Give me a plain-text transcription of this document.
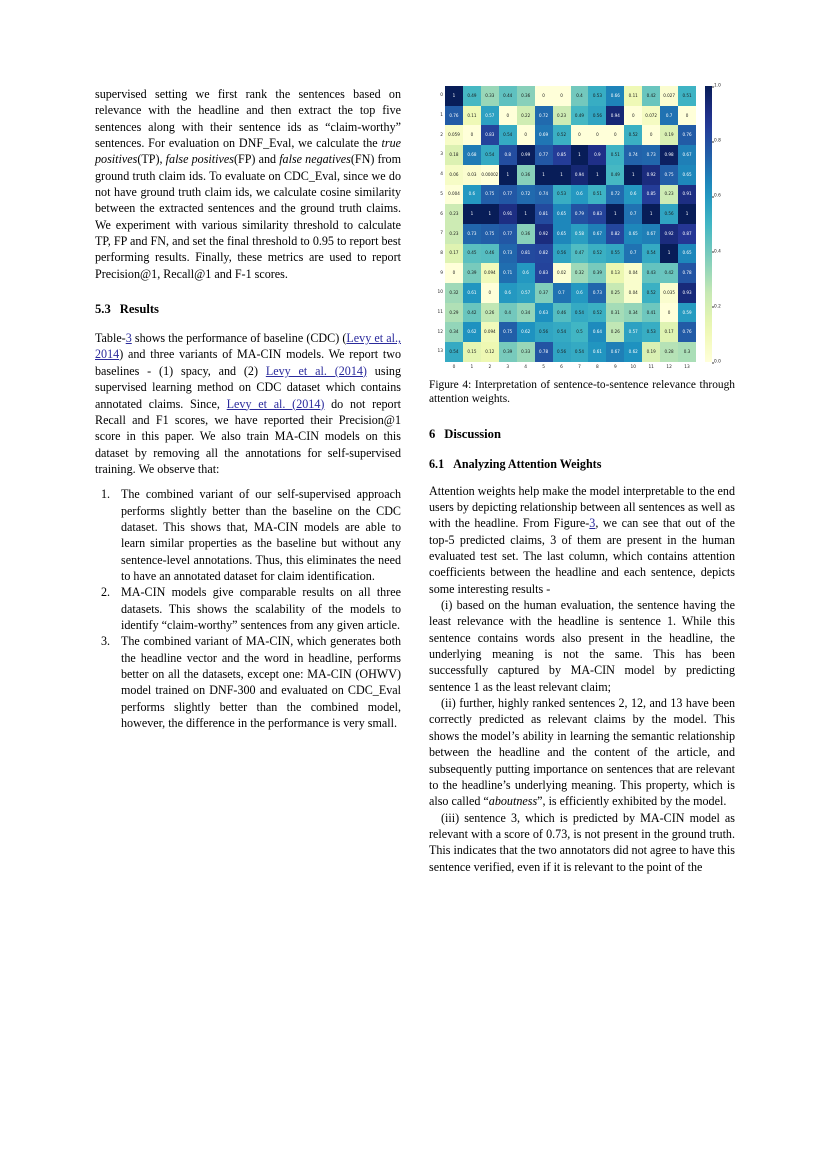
supervised setting we first rank the sentences based on relevance with the headline and then extract the top five sentences along with their sentence ids as “claim-worthy” sentences. For evaluation on DNF_Eval, we calculate the true positives(TP), false positives(FP) and false negatives(FN) from ground truth claim ids. To evaluate on CDC_Eval, since we do not have ground truth claim ids, we calculate cosine similarity between the extracted sentences and the ground truth claims. We experiment with various similarity threshold to calculate TP, FP and FN, and set the final threshold to 0.95 to report best performing results. Finally, these metrics are used to report Precision@1, Recall@1 and F-1 scores.

5.3 Results

Table-3 shows the performance of baseline (CDC) (Levy et al., 2014) and three variants of MA-CIN models. We report two baselines - (1) spacy, and (2) Levy et al. (2014) using supervised learning method on CDC dataset which contains annotated claims. Since, Levy et al. (2014) do not report Recall and F1 scores, we have reported their Precision@1 score in this paper. We also train MA-CIN models on this dataset by removing all the annotations for self-supervised training. We observe that:

The combined variant of our self-supervised approach performs slightly better than the baseline on the CDC dataset. This shows that, MA-CIN models are able to learn similar properties as the baseline but without any sentence-level annotations. Thus, this eliminates the need to have an annotated dataset for claim identification.
MA-CIN models give comparable results on all three datasets. This shows the scalability of the models to identify “claim-worthy” sentences from any given article.
The combined variant of MA-CIN, which generates both the headline vector and the word in headline, performs better on all the datasets, except one: MA-CIN (OHWV) model trained on DNF-300 and evaluated on CDC_Eval performs slightly better than the combined model, however, the difference in the performance is very small.
0
1
2
3
4
5
6
7
8
9
10
11
12
13
1	0.49	0.33	0.44	0.36	0	0	0.4	0.53	0.66	0.11	0.42	0.027	0.51
0.76	0.11	0.57	0	0.22	0.72	0.23	0.49	0.56	0.94	0	0.072	0.7	0
0.059	0	0.83	0.54	0	0.69	0.52	0	0	0	0.52	0	0.19	0.76
0.18	0.68	0.54	0.8	0.99	0.77	0.85	1	0.9	0.51	0.74	0.73	0.98	0.67
0.06	0.03	0.00002	1	0.36	1	1	0.94	1	0.49	1	0.92	0.75	0.65
0.004	0.6	0.75	0.77	0.72	0.74	0.53	0.6	0.51	0.72	0.6	0.85	0.23	0.91
0.23	1	1	0.91	1	0.81	0.65	0.79	0.83	1	0.7	1	0.56	1
0.23	0.73	0.75	0.77	0.36	0.92	0.65	0.58	0.67	0.82	0.65	0.67	0.92	0.87
0.17	0.45	0.46	0.73	0.81	0.82	0.56	0.47	0.52	0.55	0.7	0.54	1	0.65
0	0.39	0.094	0.71	0.6	0.83	0.02	0.32	0.39	0.13	0.04	0.43	0.42	0.78
0.32	0.61	0	0.6	0.57	0.37	0.7	0.6	0.73	0.25	0.04	0.52	0.035	0.93
0.29	0.42	0.26	0.4	0.34	0.63	0.46	0.54	0.52	0.31	0.34	0.41	0	0.59
0.34	0.62	0.094	0.75	0.62	0.56	0.54	0.5	0.64	0.26	0.57	0.53	0.17	0.76
0.54	0.15	0.12	0.39	0.33	0.78	0.56	0.54	0.61	0.67	0.62	0.19	0.28	0.3
0	1	2	3	4	5	6	7	8	9	10	11	12	13
1.0
0.8
0.6
0.4
0.2
0.0
Figure 4: Interpretation of sentence-to-sentence relevance through attention weights.
6 Discussion
6.1 Analyzing Attention Weights

Attention weights help make the model interpretable to the end users by depicting relationship between all sentences as well as with the headline. From Figure-3, we can see that out of the top-5 predicted claims, 3 of them are present in the human evaluated test set. The last column, which contains attention coefficients between the headline and each sentence, depicts some interesting results -

(i) based on the human evaluation, the sentence having the least relevance with the headline is sentence 1. While this sentence contains words also present in the headline, the underlying meaning is not the same. This has been successfully captured by MA-CIN model by predicting sentence 1 as the least relevant claim;

(ii) further, highly ranked sentences 2, 12, and 13 have been correctly predicted as relevant claims by the model. This shows the model’s ability in learning the semantic relationship between the headline and the content of the article, and subsequently putting importance on sentences that are relevant to the headline’s underlying meaning. This property, which is also called “aboutness”, is efficiently exhibited by the model.

(iii) sentence 3, which is predicted by MA-CIN model as relevant with a score of 0.73, is not present in the ground truth. This indicates that the two annotators did not agree to have this sentence verified, even if it is relevant to the point of the
